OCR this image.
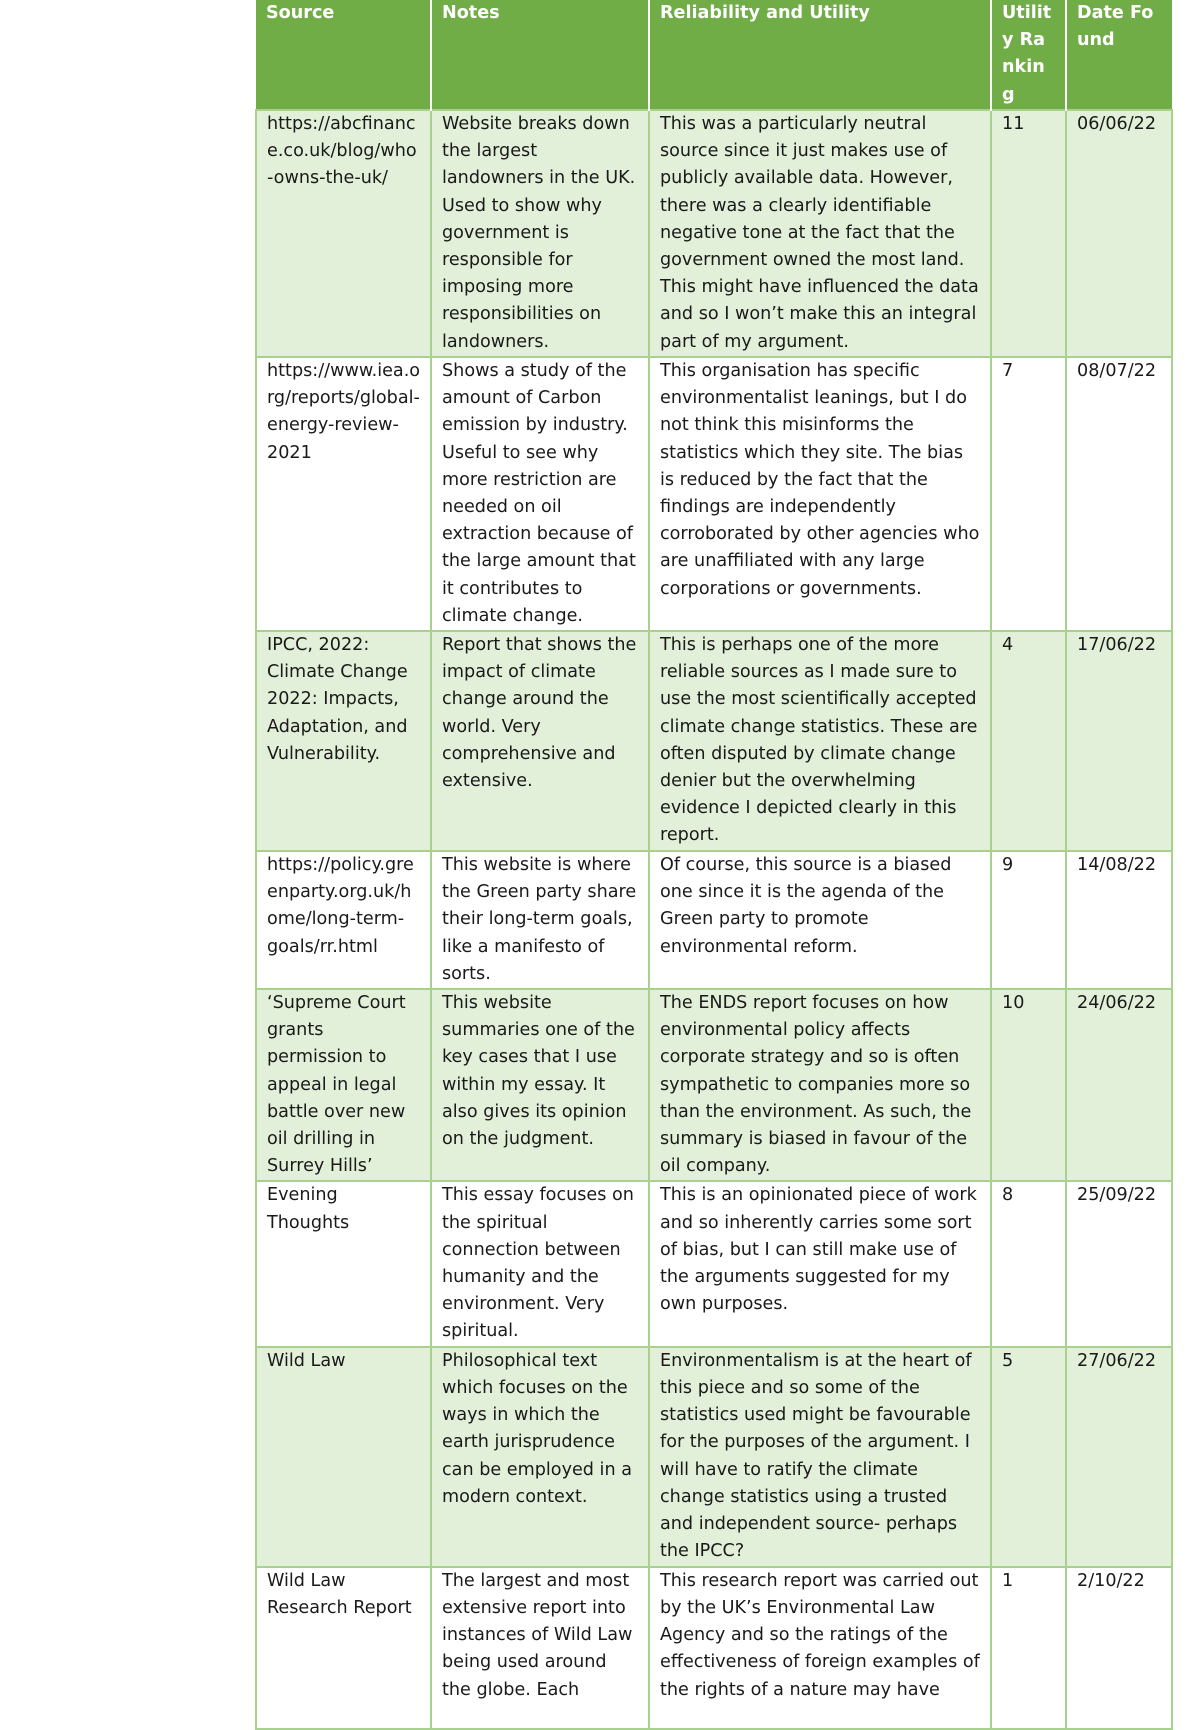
Source	Notes	Reliability and Utility	Utility Ranking	Date Found
https://abcfinance.co.uk/blog/who-owns-the-uk/	Website breaks down the largest landowners in the UK. Used to show why government is responsible for imposing more responsibilities on landowners.	This was a particularly neutral source since it just makes use of publicly available data. However, there was a clearly identifiable negative tone at the fact that the government owned the most land. This might have influenced the data and so I won’t make this an integral part of my argument.	11	06/06/22
https://www.iea.org/reports/global-energy-review-2021	Shows a study of the amount of Carbon emission by industry. Useful to see why more restriction are needed on oil extraction because of the large amount that it contributes to climate change.	This organisation has specific environmentalist leanings, but I do not think this misinforms the statistics which they site. The bias is reduced by the fact that the findings are independently corroborated by other agencies who are unaffiliated with any large corporations or governments.	7	08/07/22
IPCC, 2022: Climate Change 2022: Impacts, Adaptation, and Vulnerability.	Report that shows the impact of climate change around the world. Very comprehensive and extensive.	This is perhaps one of the more reliable sources as I made sure to use the most scientifically accepted climate change statistics. These are often disputed by climate change denier but the overwhelming evidence I depicted clearly in this report.	4	17/06/22
https://policy.greenparty.org.uk/home/long-term-goals/rr.html	This website is where the Green party share their long-term goals, like a manifesto of sorts.	Of course, this source is a biased one since it is the agenda of the Green party to promote environmental reform.	9	14/08/22
‘Supreme Court grants permission to appeal in legal battle over new oil drilling in Surrey Hills’	This website summaries one of the key cases that I use within my essay. It also gives its opinion on the judgment.	The ENDS report focuses on how environmental policy affects corporate strategy and so is often sympathetic to companies more so than the environment. As such, the summary is biased in favour of the oil company.	10	24/06/22
Evening Thoughts	This essay focuses on the spiritual connection between humanity and the environment. Very spiritual.	This is an opinionated piece of work and so inherently carries some sort of bias, but I can still make use of the arguments suggested for my own purposes.	8	25/09/22
Wild Law	Philosophical text which focuses on the ways in which the earth jurisprudence can be employed in a modern context.	Environmentalism is at the heart of this piece and so some of the statistics used might be favourable for the purposes of the argument. I will have to ratify the climate change statistics using a trusted and independent source- perhaps the IPCC?	5	27/06/22
Wild Law Research Report	The largest and most extensive report into instances of Wild Law being used around the globe. Each	This research report was carried out by the UK’s Environmental Law Agency and so the ratings of the effectiveness of foreign examples of the rights of a nature may have	1	2/10/22
